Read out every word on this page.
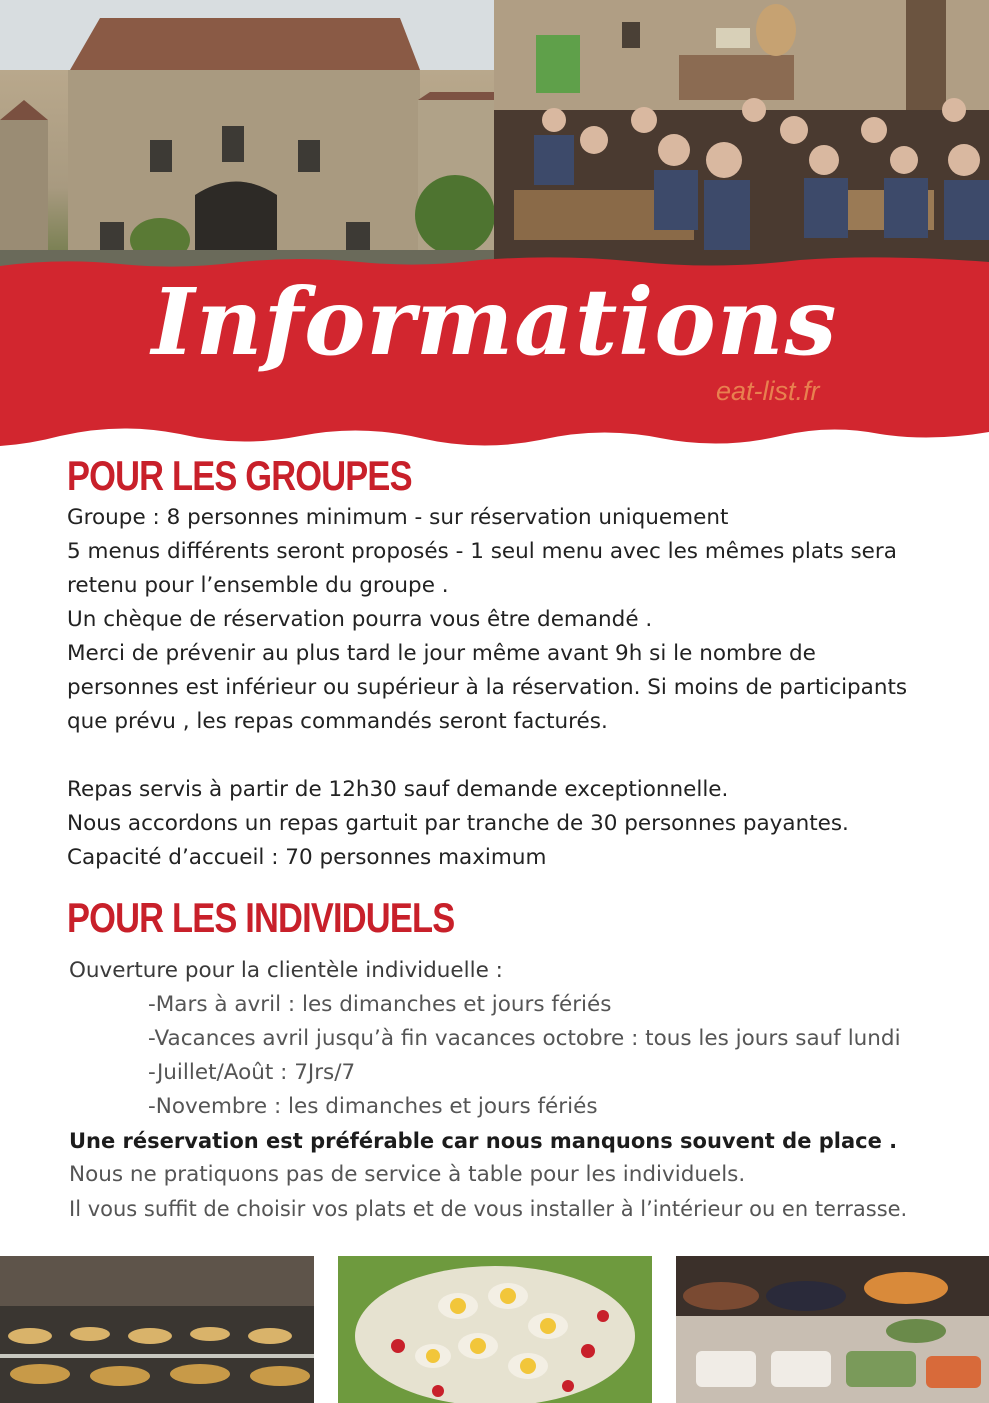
Informations
eat-list.fr
POUR LES GROUPES
Groupe : 8 personnes minimum - sur réservation uniquement
5 menus différents seront proposés - 1 seul menu avec les mêmes plats sera
retenu pour l’ensemble du groupe .
Un chèque de réservation pourra vous être demandé .
Merci de prévenir au plus tard le jour même avant 9h si le nombre de
personnes est inférieur ou supérieur à la réservation. Si moins de participants
que prévu , les repas commandés seront facturés.
Repas servis à partir de 12h30 sauf demande exceptionnelle.
Nous accordons un repas gartuit par tranche de 30 personnes payantes.
Capacité d’accueil : 70 personnes maximum
POUR LES INDIVIDUELS
Ouverture pour la clientèle individuelle :
-Mars à avril : les dimanches et jours fériés
-Vacances avril jusqu’à fin vacances octobre : tous les jours sauf lundi
-Juillet/Août : 7Jrs/7
-Novembre : les dimanches et jours fériés
Une réservation est préférable car nous manquons souvent de place .
Nous ne pratiquons pas de service à table pour les individuels.
Il vous suffit de choisir vos plats et de vous installer à l’intérieur ou en terrasse.
